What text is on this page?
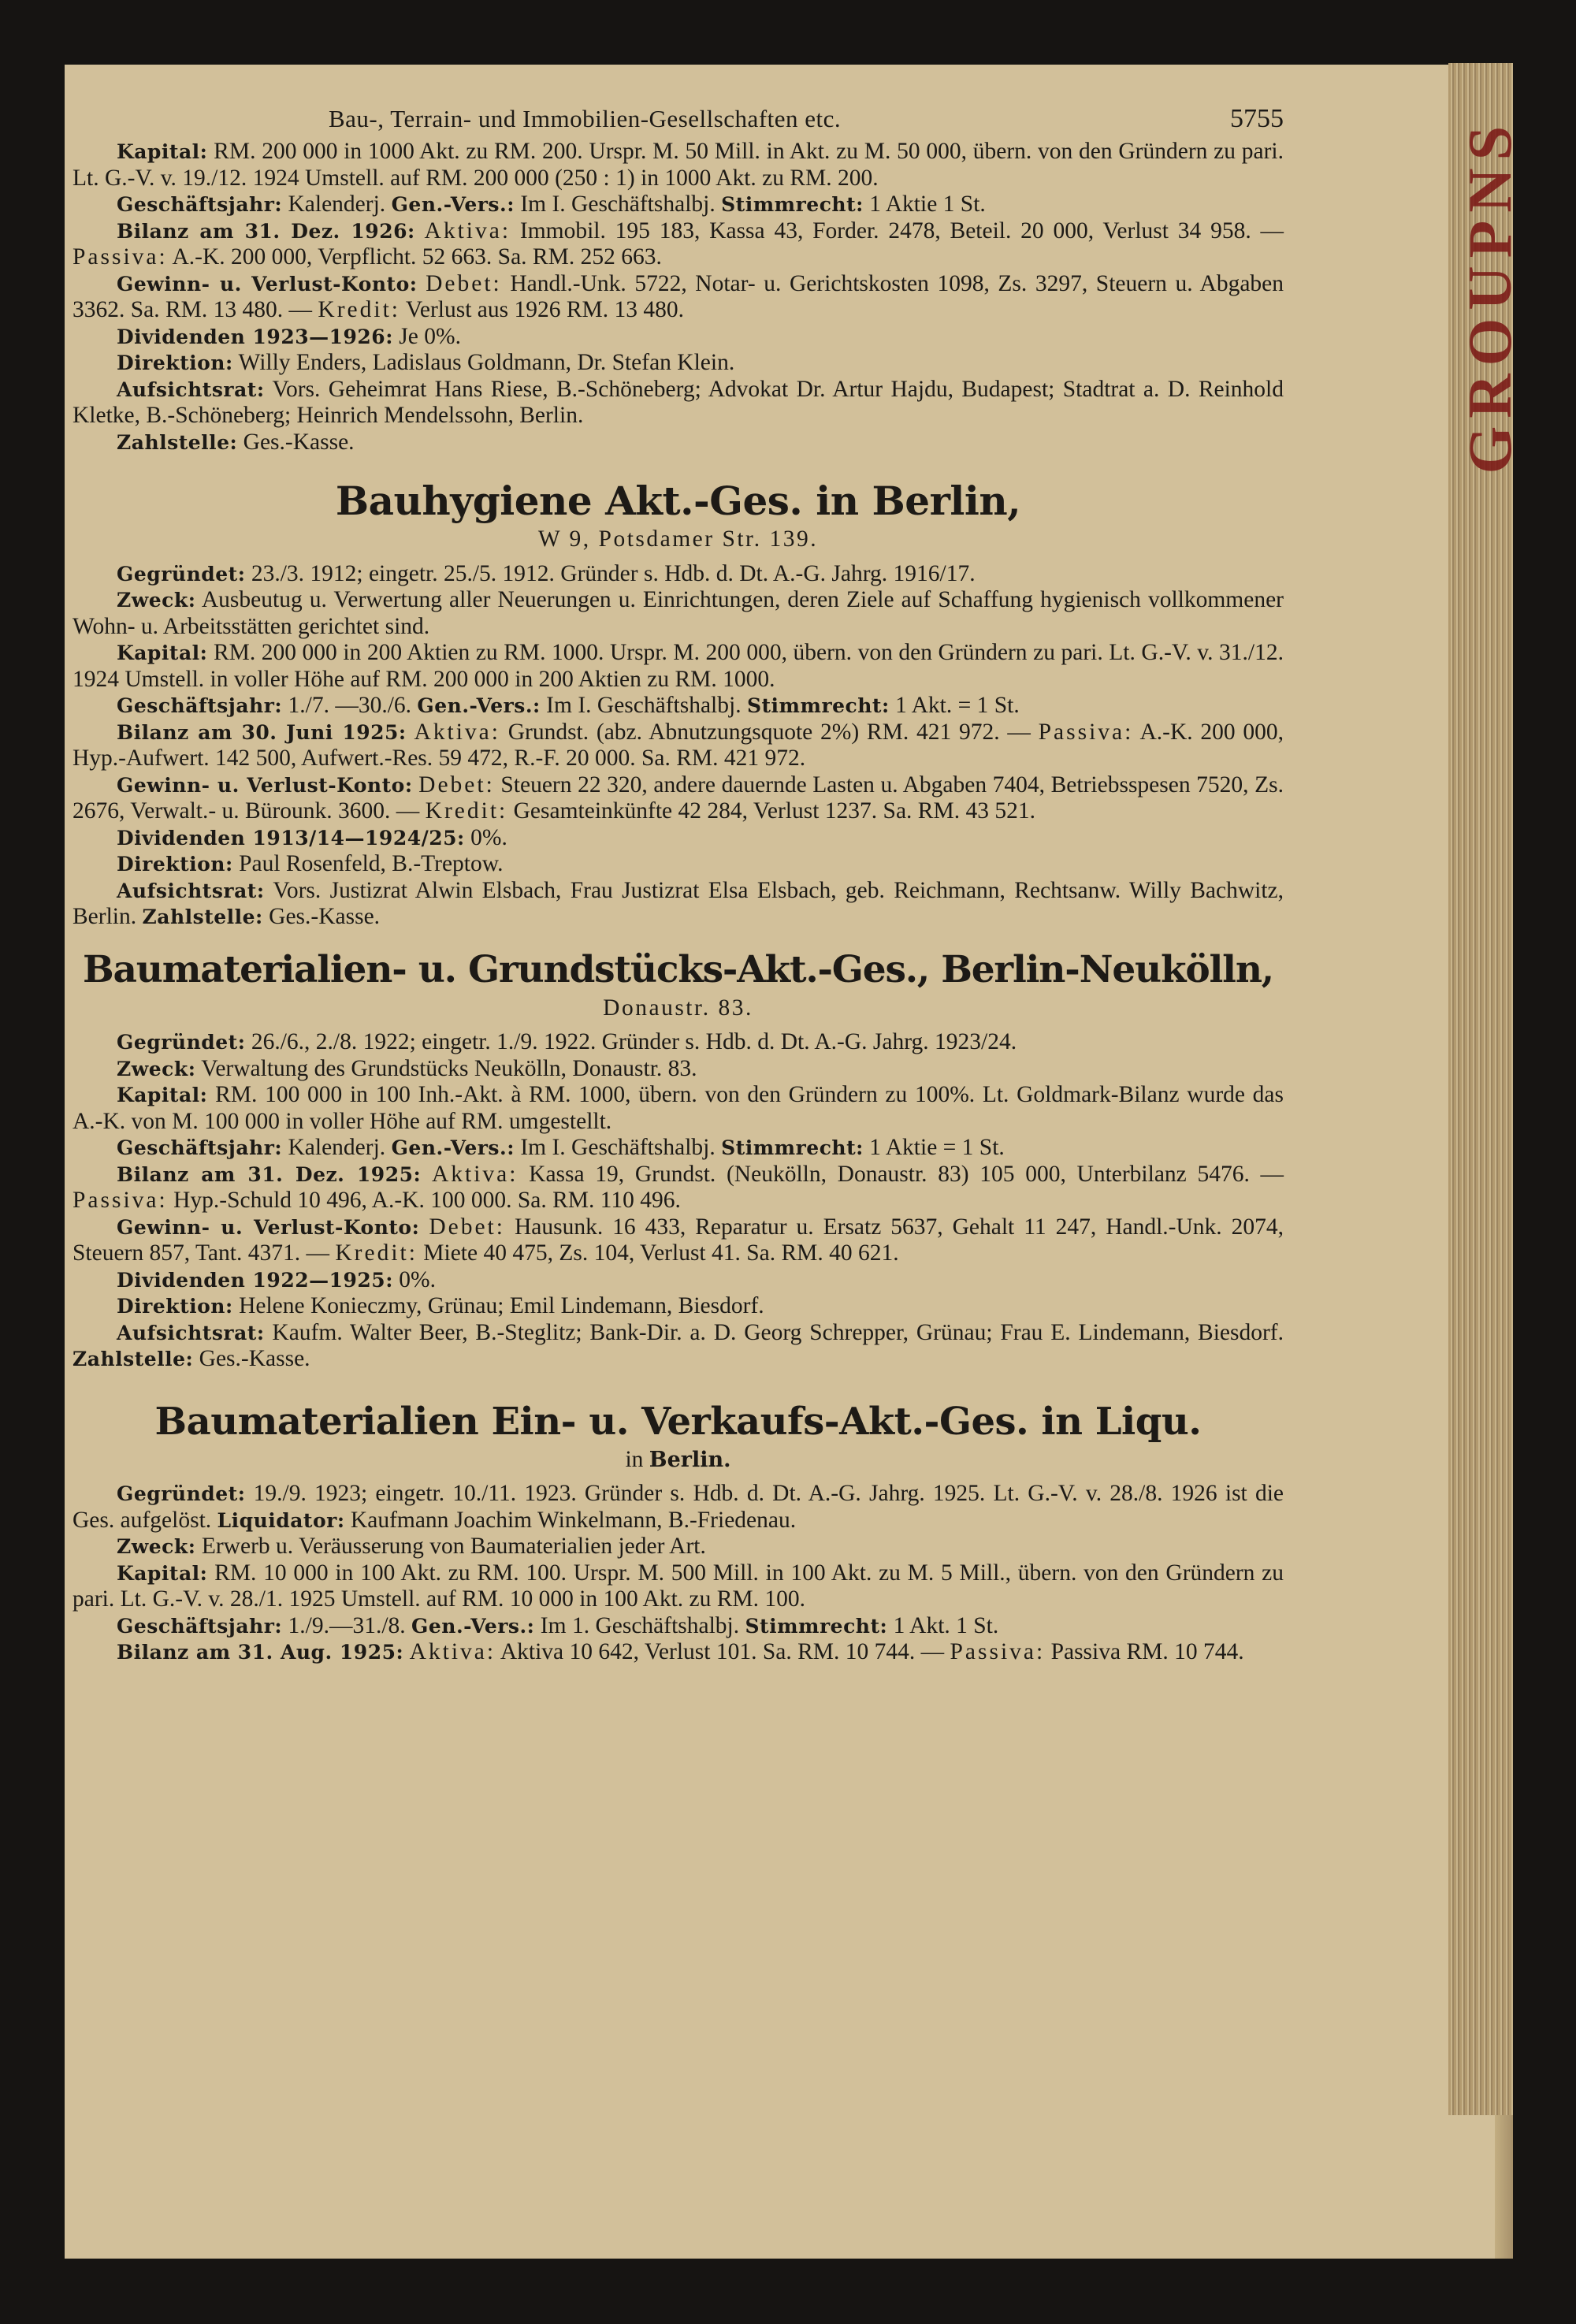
Bau-, Terrain- und Immobilien-Gesellschaften etc.	5755

Kapital: RM. 200 000 in 1000 Akt. zu RM. 200. Urspr. M. 50 Mill. in Akt. zu M. 50 000, übern. von den Gründern zu pari. Lt. G.-V. v. 19./12. 1924 Umstell. auf RM. 200 000 (250 : 1) in 1000 Akt. zu RM. 200.

Geschäftsjahr: Kalenderj. Gen.-Vers.: Im I. Geschäftshalbj. Stimmrecht: 1 Aktie 1 St.

Bilanz am 31. Dez. 1926: Aktiva: Immobil. 195 183, Kassa 43, Forder. 2478, Beteil. 20 000, Verlust 34 958. — Passiva: A.-K. 200 000, Verpflicht. 52 663. Sa. RM. 252 663.

Gewinn- u. Verlust-Konto: Debet: Handl.-Unk. 5722, Notar- u. Gerichtskosten 1098, Zs. 3297, Steuern u. Abgaben 3362. Sa. RM. 13 480. — Kredit: Verlust aus 1926 RM. 13 480.

Dividenden 1923—1926: Je 0%.

Direktion: Willy Enders, Ladislaus Goldmann, Dr. Stefan Klein.

Aufsichtsrat: Vors. Geheimrat Hans Riese, B.-Schöneberg; Advokat Dr. Artur Hajdu, Budapest; Stadtrat a. D. Reinhold Kletke, B.-Schöneberg; Heinrich Mendelssohn, Berlin.

Zahlstelle: Ges.-Kasse.

Bauhygiene Akt.-Ges. in Berlin,
W 9, Potsdamer Str. 139.

Gegründet: 23./3. 1912; eingetr. 25./5. 1912. Gründer s. Hdb. d. Dt. A.-G. Jahrg. 1916/17.

Zweck: Ausbeutug u. Verwertung aller Neuerungen u. Einrichtungen, deren Ziele auf Schaffung hygienisch vollkommener Wohn- u. Arbeitsstätten gerichtet sind.

Kapital: RM. 200 000 in 200 Aktien zu RM. 1000. Urspr. M. 200 000, übern. von den Gründern zu pari. Lt. G.-V. v. 31./12. 1924 Umstell. in voller Höhe auf RM. 200 000 in 200 Aktien zu RM. 1000.

Geschäftsjahr: 1./7. —30./6. Gen.-Vers.: Im I. Geschäftshalbj. Stimmrecht: 1 Akt. = 1 St.

Bilanz am 30. Juni 1925: Aktiva: Grundst. (abz. Abnutzungsquote 2%) RM. 421 972. — Passiva: A.-K. 200 000, Hyp.-Aufwert. 142 500, Aufwert.-Res. 59 472, R.-F. 20 000. Sa. RM. 421 972.

Gewinn- u. Verlust-Konto: Debet: Steuern 22 320, andere dauernde Lasten u. Abgaben 7404, Betriebsspesen 7520, Zs. 2676, Verwalt.- u. Bürounk. 3600. — Kredit: Gesamteinkünfte 42 284, Verlust 1237. Sa. RM. 43 521.

Dividenden 1913/14—1924/25: 0%.

Direktion: Paul Rosenfeld, B.-Treptow.

Aufsichtsrat: Vors. Justizrat Alwin Elsbach, Frau Justizrat Elsa Elsbach, geb. Reichmann, Rechtsanw. Willy Bachwitz, Berlin. Zahlstelle: Ges.-Kasse.

Baumaterialien- u. Grundstücks-Akt.-Ges., Berlin-Neukölln,
Donaustr. 83.

Gegründet: 26./6., 2./8. 1922; eingetr. 1./9. 1922. Gründer s. Hdb. d. Dt. A.-G. Jahrg. 1923/24.

Zweck: Verwaltung des Grundstücks Neukölln, Donaustr. 83.

Kapital: RM. 100 000 in 100 Inh.-Akt. à RM. 1000, übern. von den Gründern zu 100%. Lt. Goldmark-Bilanz wurde das A.-K. von M. 100 000 in voller Höhe auf RM. umgestellt.

Geschäftsjahr: Kalenderj. Gen.-Vers.: Im I. Geschäftshalbj. Stimmrecht: 1 Aktie = 1 St.

Bilanz am 31. Dez. 1925: Aktiva: Kassa 19, Grundst. (Neukölln, Donaustr. 83) 105 000, Unterbilanz 5476. — Passiva: Hyp.-Schuld 10 496, A.-K. 100 000. Sa. RM. 110 496.

Gewinn- u. Verlust-Konto: Debet: Hausunk. 16 433, Reparatur u. Ersatz 5637, Gehalt 11 247, Handl.-Unk. 2074, Steuern 857, Tant. 4371. — Kredit: Miete 40 475, Zs. 104, Verlust 41. Sa. RM. 40 621.

Dividenden 1922—1925: 0%.

Direktion: Helene Konieczmy, Grünau; Emil Lindemann, Biesdorf.

Aufsichtsrat: Kaufm. Walter Beer, B.-Steglitz; Bank-Dir. a. D. Georg Schrepper, Grünau; Frau E. Lindemann, Biesdorf. Zahlstelle: Ges.-Kasse.

Baumaterialien Ein- u. Verkaufs-Akt.-Ges. in Liqu.
in Berlin.

Gegründet: 19./9. 1923; eingetr. 10./11. 1923. Gründer s. Hdb. d. Dt. A.-G. Jahrg. 1925. Lt. G.-V. v. 28./8. 1926 ist die Ges. aufgelöst. Liquidator: Kaufmann Joachim Winkelmann, B.-Friedenau.

Zweck: Erwerb u. Veräusserung von Baumaterialien jeder Art.

Kapital: RM. 10 000 in 100 Akt. zu RM. 100. Urspr. M. 500 Mill. in 100 Akt. zu M. 5 Mill., übern. von den Gründern zu pari. Lt. G.-V. v. 28./1. 1925 Umstell. auf RM. 10 000 in 100 Akt. zu RM. 100.

Geschäftsjahr: 1./9.—31./8. Gen.-Vers.: Im 1. Geschäftshalbj. Stimmrecht: 1 Akt. 1 St.

Bilanz am 31. Aug. 1925: Aktiva: Aktiva 10 642, Verlust 101. Sa. RM. 10 744. — Passiva: Passiva RM. 10 744.

GROUPNS
